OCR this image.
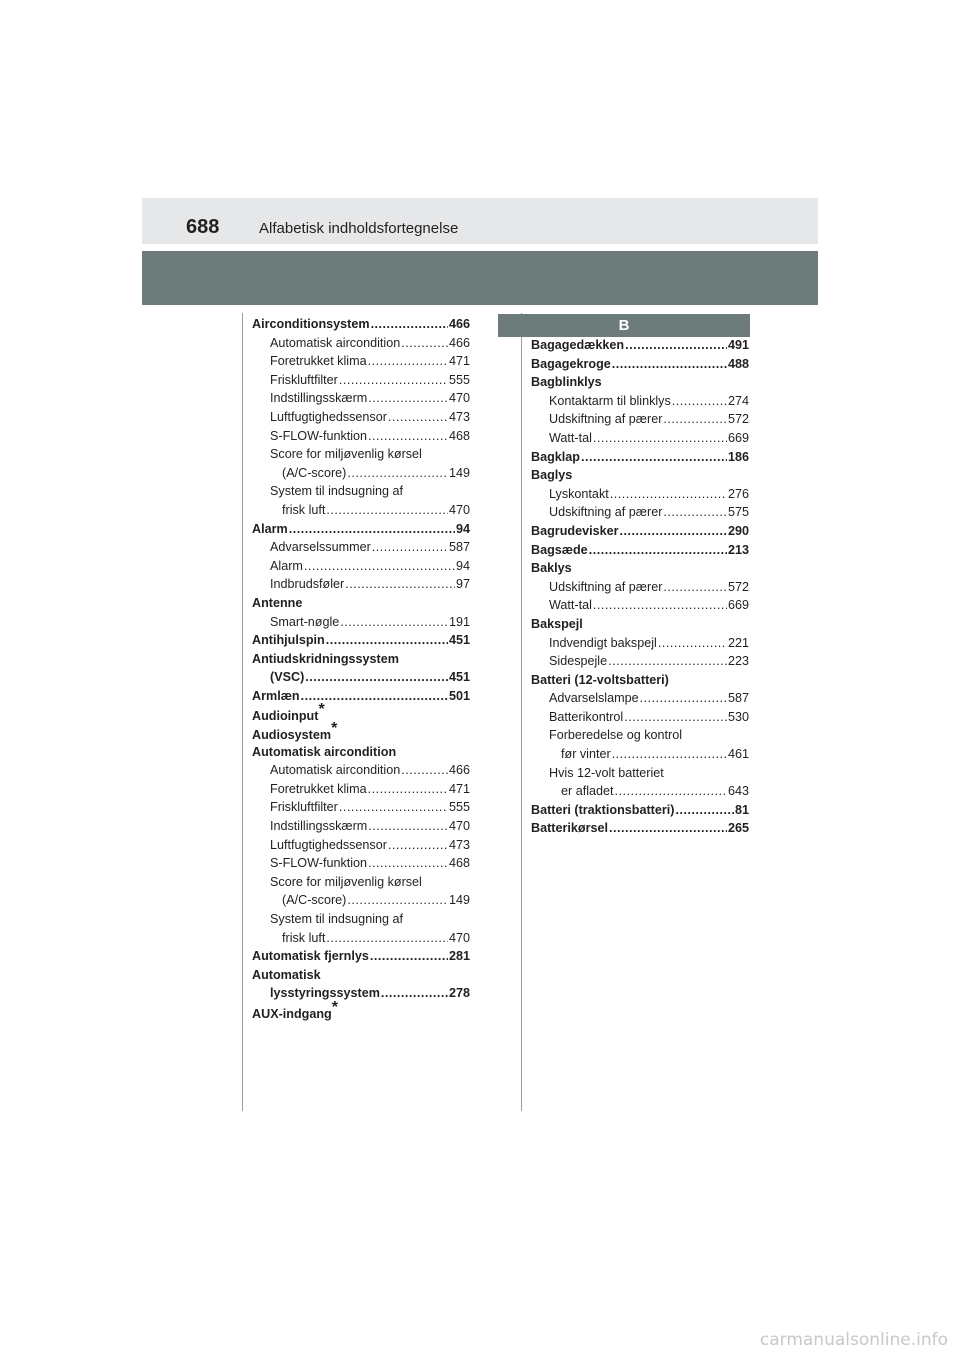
688	Alfabetisk indholdsfortegnelse
B
Airconditionsystem .....	466
Automatisk aircondition .....	466
Foretrukket klima .....	471
Friskluftfilter .....	555
Indstillingsskærm .....	470
Luftfugtighedssensor .....	473
S-FLOW-funktion .....	468
Score for miljøvenlig kørsel
(A/C-score) .....	149
System til indsugning af
frisk luft .....	470
Alarm .....	94
Advarselssummer .....	587
Alarm .....	94
Indbrudsføler .....	97
Antenne
Smart-nøgle .....	191
Antihjulspin .....	451
Antiudskridningssystem
(VSC) .....	451
Armlæn .....	501
Audioinput *
Audiosystem *
Automatisk aircondition
Automatisk aircondition .....	466
Foretrukket klima .....	471
Friskluftfilter .....	555
Indstillingsskærm .....	470
Luftfugtighedssensor .....	473
S-FLOW-funktion .....	468
Score for miljøvenlig kørsel
(A/C-score) .....	149
System til indsugning af
frisk luft .....	470
Automatisk fjernlys .....	281
Automatisk
lysstyringssystem .....	278
AUX-indgang *
Bagagedækken .....	491
Bagagekroge .....	488
Bagblinklys
Kontaktarm til blinklys .....	274
Udskiftning af pærer .....	572
Watt-tal .....	669
Bagklap .....	186
Baglys
Lyskontakt .....	276
Udskiftning af pærer .....	575
Bagrudevisker .....	290
Bagsæde .....	213
Baklys
Udskiftning af pærer .....	572
Watt-tal .....	669
Bakspejl
Indvendigt bakspejl .....	221
Sidespejle .....	223
Batteri (12-voltsbatteri)
Advarselslampe .....	587
Batterikontrol .....	530
Forberedelse og kontrol
før vinter .....	461
Hvis 12-volt batteriet
er afladet .....	643
Batteri (traktionsbatteri) .....	81
Batterikørsel .....	265
carmanualsonline.info
